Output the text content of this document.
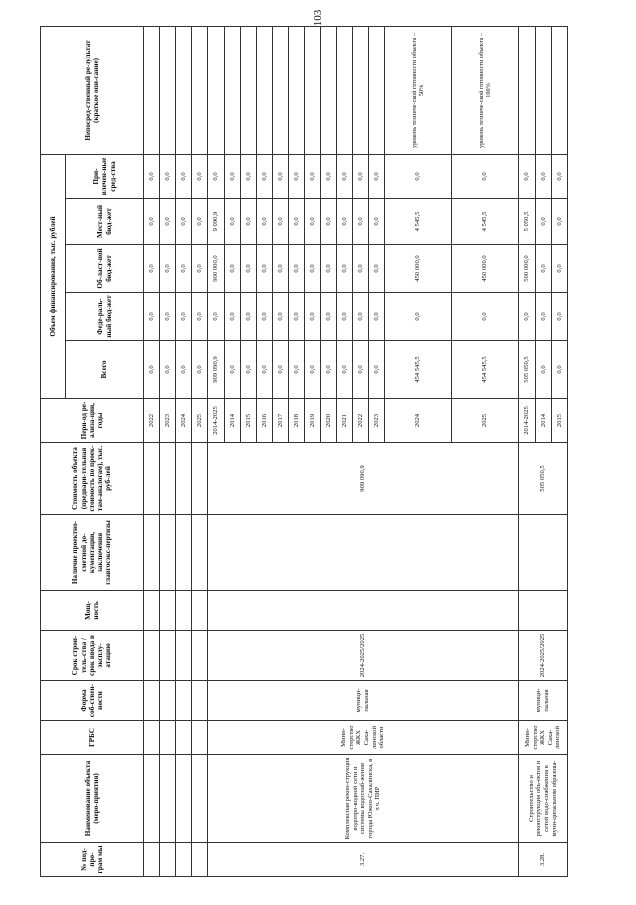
103
№ под-про-грам мы	Наименование объекта (меро-приятия)	ГРБС	Форма соб-ствен-ности	Срок строи-тель-ства / срок ввода в эксплу-атацию	Мощ-ность	Наличие проектно-сметной до-кументации, заключения главгосэкс-пертизы	Стоимость объекта (предвари-тельная стоимость по проек-там-аналогам), тыс. руб-лей	Пери-од ре-ализа-ции, годы	Объем финансирования, тыс. рублей					Непосред-ственный ре-зультат (краткое опи-сание)
									Всего	Феде-раль-ный бюд-жет	Об-ласт-ной бюд-жет	Мест-ный бюд-жет	При-влечен-ные сред-ства	
								2022	0,0	0,0	0,0	0,0	0,0	
								2023	0,0	0,0	0,0	0,0	0,0	
								2024	0,0	0,0	0,0	0,0	0,0	
								2025	0,0	0,0	0,0	0,0	0,0	
3.27.	Комплексная рекон-струкция водопро-водной сети и системы водоснаб-жения города Южно-Сахалинска, в т.ч. ПИР	Мини-стерство ЖКХ Саха-линской области	муници-пальная	2024-2025/2025			909 090,9	2014-2025	909 090,9	0,0	900 000,0	9 090,9	0,0	
								2014	0,0	0,0	0,0	0,0	0,0	
								2015	0,0	0,0	0,0	0,0	0,0	
								2016	0,0	0,0	0,0	0,0	0,0	
								2017	0,0	0,0	0,0	0,0	0,0	
								2018	0,0	0,0	0,0	0,0	0,0	
								2019	0,0	0,0	0,0	0,0	0,0	
								2020	0,0	0,0	0,0	0,0	0,0	
								2021	0,0	0,0	0,0	0,0	0,0	
								2022	0,0	0,0	0,0	0,0	0,0	
								2023	0,0	0,0	0,0	0,0	0,0	
								2024	454 545,5	0,0	450 000,0	4 545,5	0,0	уровень техниче-ской готовности объекта – 50%
								2025	454 545,5	0,0	450 000,0	4 545,5	0,0	уровень техниче-ской готовности объекта – 100%
3.28.	Строительство и реконструкция объ-ектов и сетей водо-снабжения в муни-ципальном образова-	Мини-стерство ЖКХ Саха-линской	муници-пальная	2024-2025/2025			505 050,5	2014-2025	505 050,5	0,0	500 000,0	5 050,5	0,0	
								2014	0,0	0,0	0,0	0,0	0,0	
								2015	0,0	0,0	0,0	0,0	0,0	
